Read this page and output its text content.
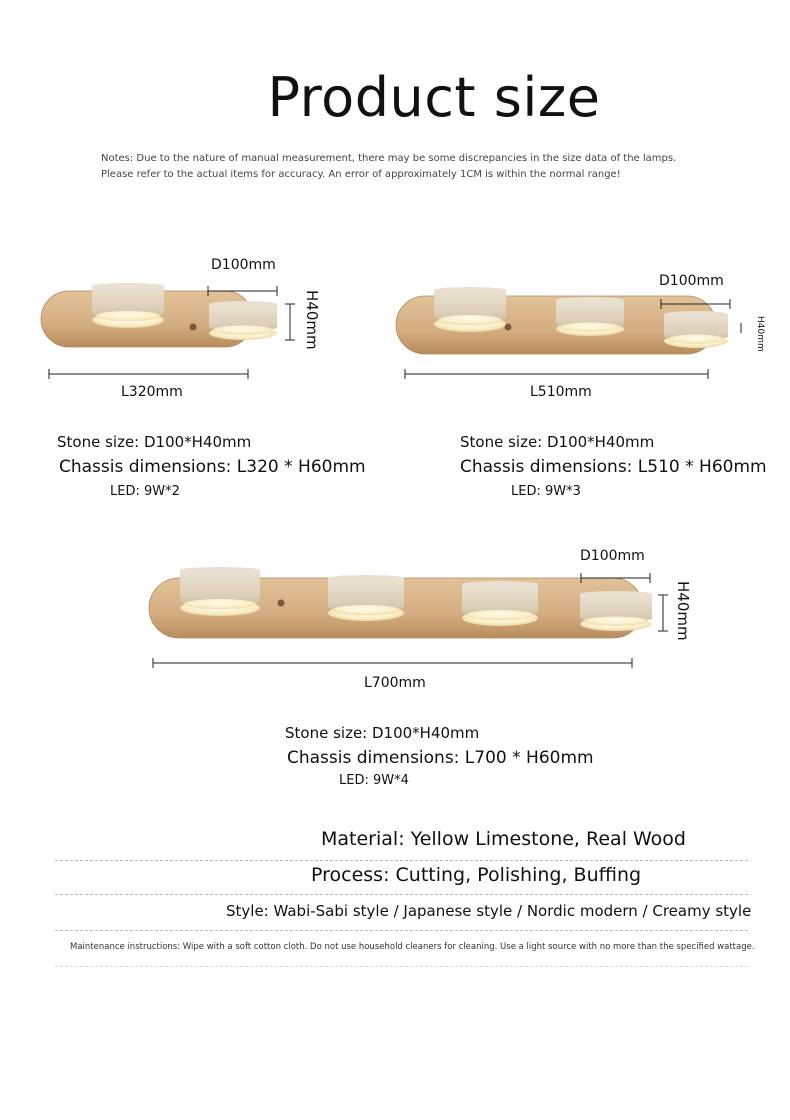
Product size
Notes: Due to the nature of manual measurement, there may be some discrepancies in the size data of the lamps. Please refer to the actual items for accuracy. An error of approximately 1CM is within the normal range!
D100mm
H40mm
L320mm
Stone size: D100*H40mm
Chassis dimensions: L320 * H60mm
LED: 9W*2
D100mm
H40mm
L510mm
Stone size: D100*H40mm
Chassis dimensions: L510 * H60mm
LED: 9W*3
D100mm
H40mm
L700mm
Stone size: D100*H40mm
Chassis dimensions: L700 * H60mm
LED: 9W*4
Material: Yellow Limestone, Real Wood
Process: Cutting, Polishing, Buffing
Style: Wabi-Sabi style / Japanese style / Nordic modern / Creamy style
Maintenance instructions: Wipe with a soft cotton cloth. Do not use household cleaners for cleaning. Use a light source with no more than the specified wattage.
